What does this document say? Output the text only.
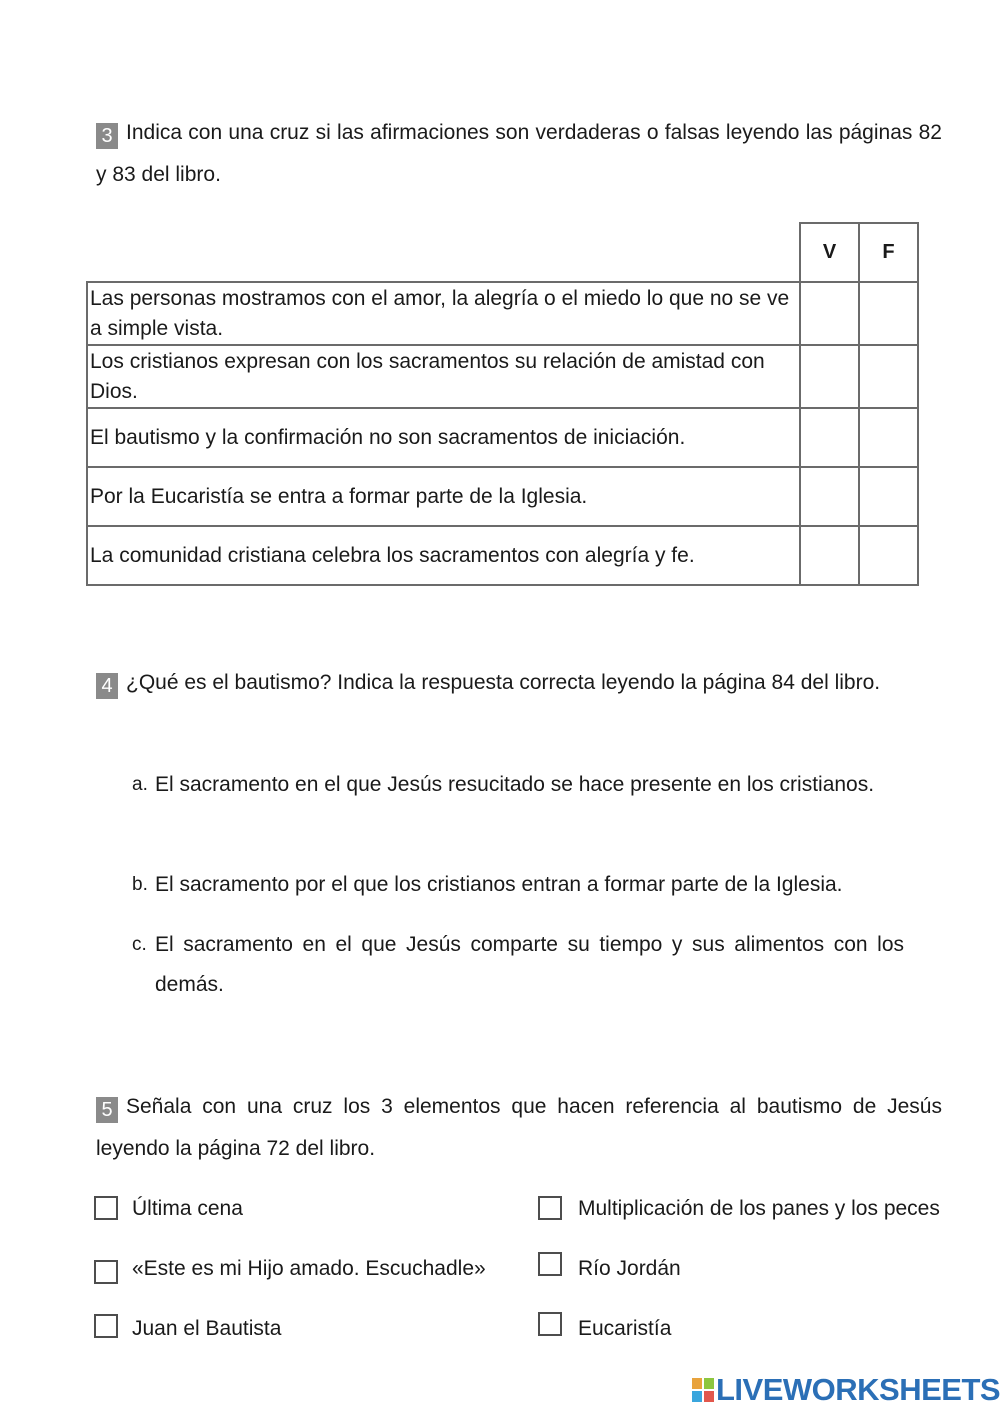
3 Indica con una cruz si las afirmaciones son verdaderas o falsas leyendo las páginas 82 y 83 del libro.
	V	F
Las personas mostramos con el amor, la alegría o el miedo lo que no se ve a simple vista.		
Los cristianos expresan con los sacramentos su relación de amistad con Dios.		
El bautismo y la confirmación no son sacramentos de iniciación.		
Por la Eucaristía se entra a formar parte de la Iglesia.		
La comunidad cristiana celebra los sacramentos con alegría y fe.		
4 ¿Qué es el bautismo? Indica la respuesta correcta leyendo la página 84 del libro.
a. El sacramento en el que Jesús resucitado se hace presente en los cristianos.
b. El sacramento por el que los cristianos entran a formar parte de la Iglesia.
c. El sacramento en el que Jesús comparte su tiempo y sus alimentos con los demás.
5 Señala con una cruz los 3 elementos que hacen referencia al bautismo de Jesús leyendo la página 72 del libro.
Última cena	Multiplicación de los panes y los peces
«Este es mi Hijo amado. Escuchadle»	Río Jordán
Juan el Bautista	Eucaristía
LIVEWORKSHEETS
